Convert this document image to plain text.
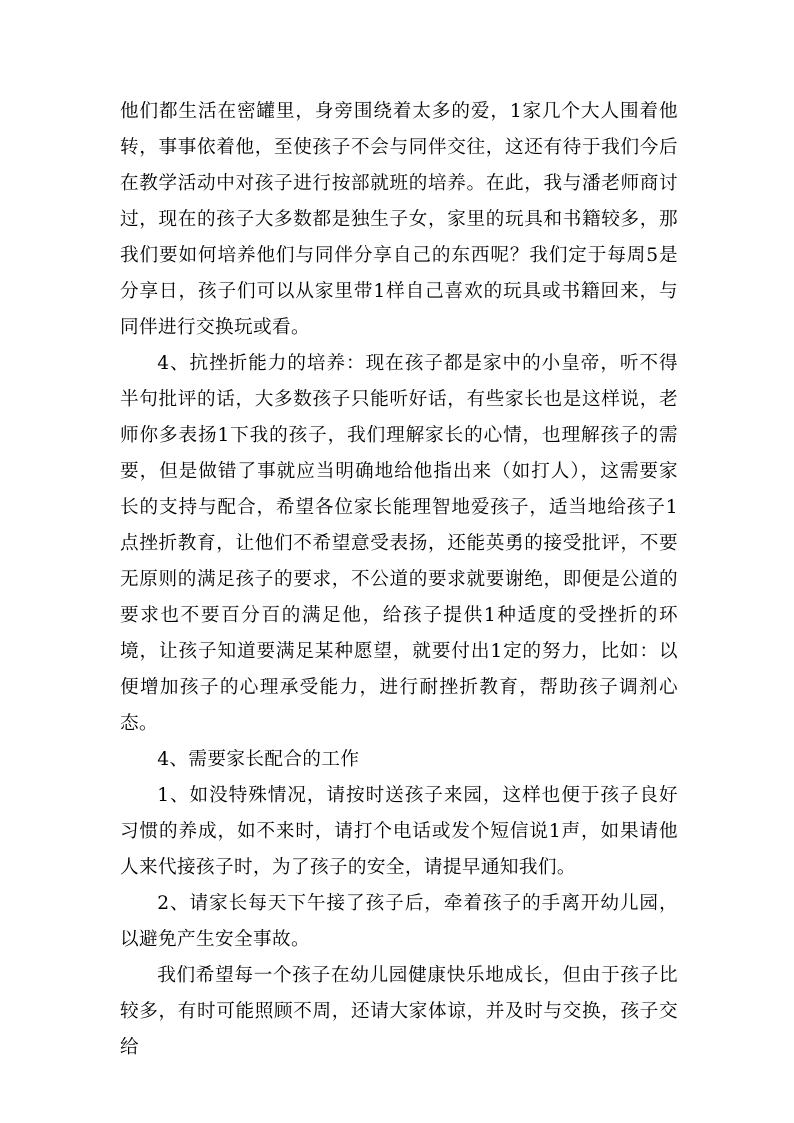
他们都生活在密罐里，身旁围绕着太多的爱，1家几个大人围着他转，事事依着他，至使孩子不会与同伴交往，这还有待于我们今后在教学活动中对孩子进行按部就班的培养。在此，我与潘老师商讨过，现在的孩子大多数都是独生子女，家里的玩具和书籍较多，那我们要如何培养他们与同伴分享自己的东西呢？我们定于每周5是分享日，孩子们可以从家里带1样自己喜欢的玩具或书籍回来，与同伴进行交换玩或看。

4、抗挫折能力的培养：现在孩子都是家中的小皇帝，听不得半句批评的话，大多数孩子只能听好话，有些家长也是这样说，老师你多表扬1下我的孩子，我们理解家长的心情，也理解孩子的需要，但是做错了事就应当明确地给他指出来（如打人），这需要家长的支持与配合，希望各位家长能理智地爱孩子，适当地给孩子1点挫折教育，让他们不希望意受表扬，还能英勇的接受批评，不要无原则的满足孩子的要求，不公道的要求就要谢绝，即便是公道的要求也不要百分百的满足他，给孩子提供1种适度的受挫折的环境，让孩子知道要满足某种愿望，就要付出1定的努力，比如：以便增加孩子的心理承受能力，进行耐挫折教育，帮助孩子调剂心态。

4、需要家长配合的工作

1、如没特殊情况，请按时送孩子来园，这样也便于孩子良好习惯的养成，如不来时，请打个电话或发个短信说1声，如果请他人来代接孩子时，为了孩子的安全，请提早通知我们。

2、请家长每天下午接了孩子后，牵着孩子的手离开幼儿园，以避免产生安全事故。

我们希望每一个孩子在幼儿园健康快乐地成长，但由于孩子比较多，有时可能照顾不周，还请大家体谅，并及时与交换，孩子交给
